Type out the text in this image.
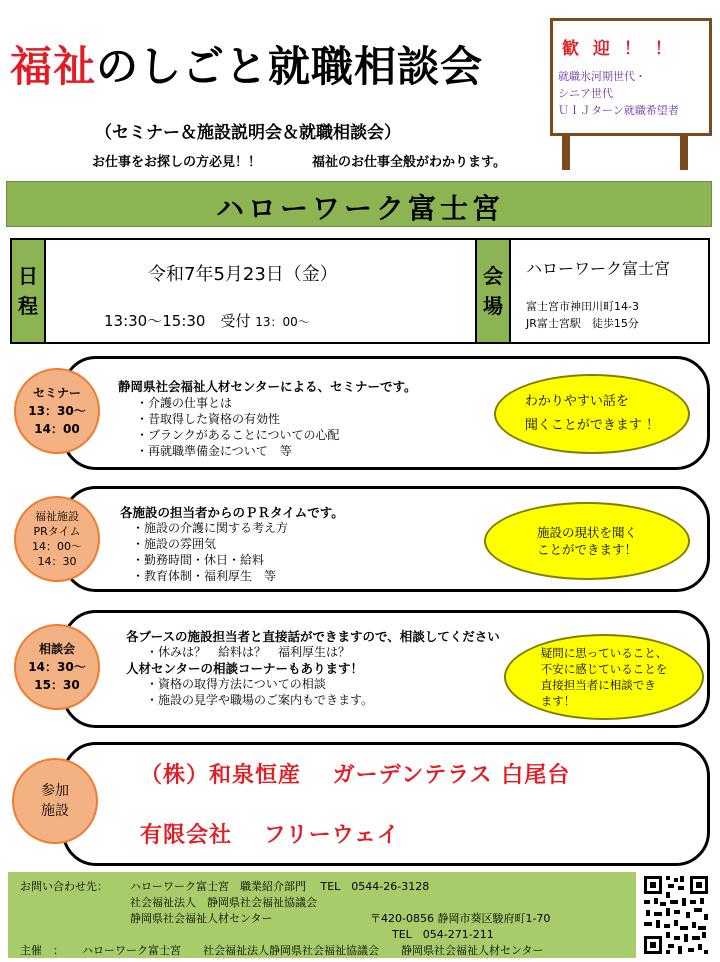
福祉のしごと就職相談会
（セミナー＆施設説明会＆就職相談会）
お仕事をお探しの方必見！！	福祉のお仕事全般がわかります。
歓 迎 ！ ！
就職氷河期世代・
シニア世代
ＵＩＪターン就職希望者
ハローワーク富士宮
日
程
令和7年5月23日（金）
13:30～15:30　受付 13：00～
会
場
ハローワーク富士宮
富士宮市神田川町14-3
JR富士宮駅　徒歩15分
セミナー
13：30～
14：00
静岡県社会福祉人材センターによる、セミナーです。
・介護の仕事とは
・昔取得した資格の有効性
・ブランクがあることについての心配
・再就職準備金について　等
わかりやすい話を
聞くことができます ！
福祉施設
PRタイム
14：00～
14：30
各施設の担当者からのＰＲタイムです。
・施設の介護に関する考え方
・施設の雰囲気
・勤務時間・休日・給料
・教育体制・福利厚生　等
施設の現状を聞く
ことができます！
相談会
14：30～
15：30
各ブースの施設担当者と直接話ができますので、相談してください
・休みは？　給料は？　福利厚生は？
人材センターの相談コーナーもあります！
・資格の取得方法についての相談
・施設の見学や職場のご案内もできます。
疑問に思っていること、
不安に感じていることを
直接担当者に相談でき
ます！
参加
施設
（株）和泉恒産　 ガーデンテラス 白尾台
有限会社　 フリーウェイ
お問い合わせ先： ハローワーク富士宮　職業紹介部門　 TEL　0544-26-3128
社会福祉法人　静岡県社会福祉協議会
静岡県社会福祉人材センター	〒420-0856 静岡市葵区駿府町1-70
TEL　054-271-211
主催　： ハローワーク富士宮　　社会福祉法人静岡県社会福祉協議会　　静岡県社会福祉人材センター
